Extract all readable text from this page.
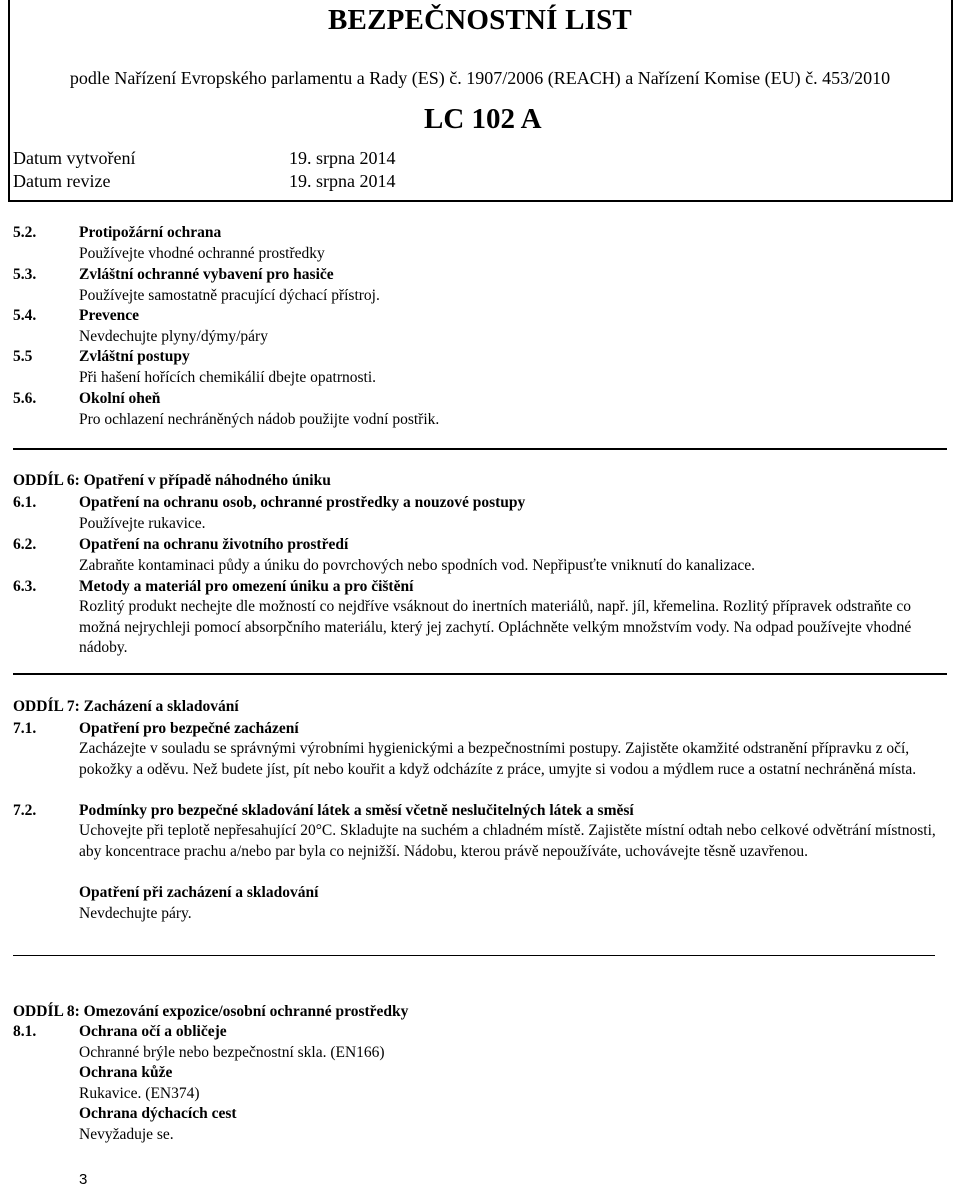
BEZPEČNOSTNÍ LIST
podle Nařízení Evropského parlamentu a Rady (ES) č. 1907/2006 (REACH) a Nařízení Komise (EU) č. 453/2010
LC 102 A
Datum vytvoření	19. srpna 2014
Datum revize	19. srpna 2014
5.2.	Protipožární ochrana
Používejte vhodné ochranné prostředky
5.3.	Zvláštní ochranné vybavení pro hasiče
Používejte samostatně pracující dýchací přístroj.
5.4.	Prevence
Nevdechujte plyny/dýmy/páry
5.5	Zvláštní postupy
Při hašení hořících chemikálií dbejte opatrnosti.
5.6.	Okolní oheň
Pro ochlazení nechráněných nádob použijte vodní postřik.
ODDÍL 6: Opatření v případě náhodného úniku
6.1.	Opatření na ochranu osob, ochranné prostředky a nouzové postupy
Používejte rukavice.
6.2.	Opatření na ochranu životního prostředí
Zabraňte kontaminaci půdy a úniku do povrchových nebo spodních vod. Nepřipusťte vniknutí do kanalizace.
6.3.	Metody a materiál pro omezení úniku a pro čištění
Rozlitý produkt nechejte dle možností co nejdříve vsáknout do inertních materiálů, např. jíl, křemelina. Rozlitý přípravek odstraňte co možná nejrychleji pomocí absorpčního materiálu, který jej zachytí. Opláchněte velkým množstvím vody. Na odpad používejte vhodné nádoby.
ODDÍL 7: Zacházení a skladování
7.1.	Opatření pro bezpečné zacházení
Zacházejte v souladu se správnými výrobními hygienickými a bezpečnostními postupy. Zajistěte okamžité odstranění přípravku z očí, pokožky a oděvu. Než budete jíst, pít nebo kouřit a když odcházíte z práce, umyjte si vodou a mýdlem ruce a ostatní nechráněná místa.
7.2.	Podmínky pro bezpečné skladování látek a směsí včetně neslučitelných látek a směsí
Uchovejte při teplotě nepřesahující 20°C. Skladujte na suchém a chladném místě. Zajistěte místní odtah nebo celkové odvětrání místnosti, aby koncentrace prachu a/nebo par byla co nejnižší. Nádobu, kterou právě nepoužíváte, uchovávejte těsně uzavřenou.
Opatření při zacházení a skladování
Nevdechujte páry.
ODDÍL 8: Omezování expozice/osobní ochranné prostředky
8.1.	Ochrana očí a obličeje
Ochranné brýle nebo bezpečnostní skla. (EN166)
Ochrana kůže
Rukavice. (EN374)
Ochrana dýchacích cest
Nevyžaduje se.
3
